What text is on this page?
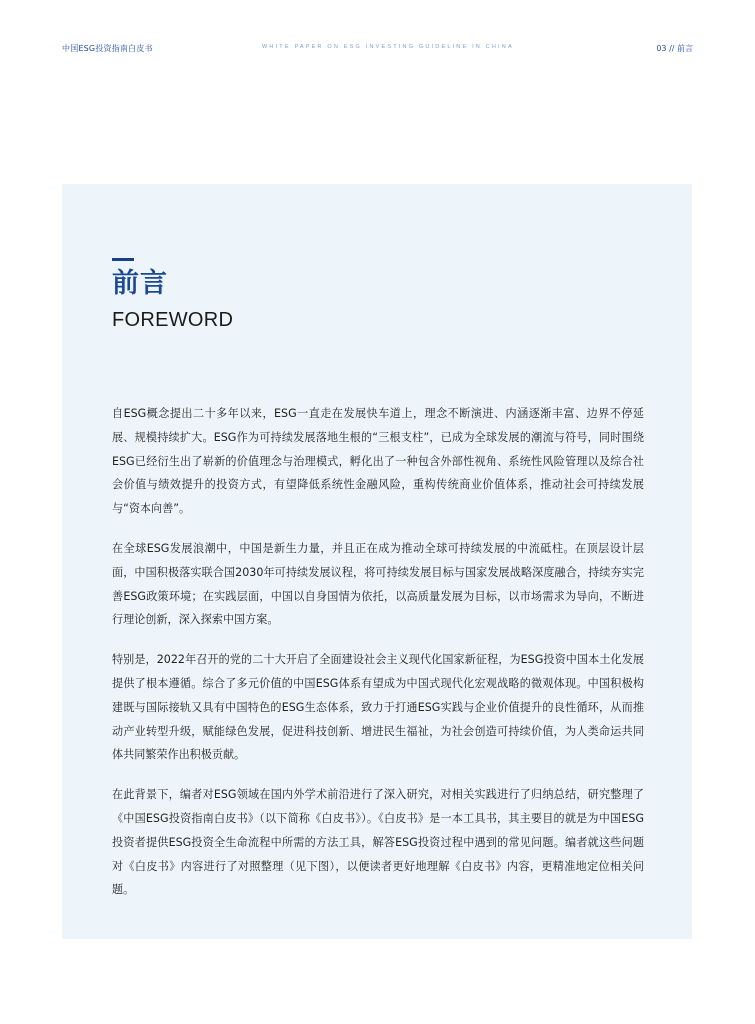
中国ESG投资指南白皮书	WHITE PAPER ON ESG INVESTING GUIDELINE IN CHINA	03 // 前言
前言
FOREWORD

自ESG概念提出二十多年以来，ESG一直走在发展快车道上，理念不断演进、内涵逐渐丰富、边界不停延展、规模持续扩大。ESG作为可持续发展落地生根的“三根支柱”，已成为全球发展的潮流与符号，同时围绕ESG已经衍生出了崭新的价值理念与治理模式，孵化出了一种包含外部性视角、系统性风险管理以及综合社会价值与绩效提升的投资方式，有望降低系统性金融风险，重构传统商业价值体系，推动社会可持续发展与“资本向善”。

在全球ESG发展浪潮中，中国是新生力量，并且正在成为推动全球可持续发展的中流砥柱。在顶层设计层面，中国积极落实联合国2030年可持续发展议程，将可持续发展目标与国家发展战略深度融合，持续夯实完善ESG政策环境；在实践层面，中国以自身国情为依托，以高质量发展为目标，以市场需求为导向，不断进行理论创新，深入探索中国方案。

特别是，2022年召开的党的二十大开启了全面建设社会主义现代化国家新征程，为ESG投资中国本土化发展提供了根本遵循。综合了多元价值的中国ESG体系有望成为中国式现代化宏观战略的微观体现。中国积极构建既与国际接轨又具有中国特色的ESG生态体系，致力于打通ESG实践与企业价值提升的良性循环，从而推动产业转型升级，赋能绿色发展，促进科技创新、增进民生福祉，为社会创造可持续价值，为人类命运共同体共同繁荣作出积极贡献。

在此背景下，编者对ESG领域在国内外学术前沿进行了深入研究，对相关实践进行了归纳总结，研究整理了《中国ESG投资指南白皮书》（以下简称《白皮书》）。《白皮书》是一本工具书，其主要目的就是为中国ESG投资者提供ESG投资全生命流程中所需的方法工具，解答ESG投资过程中遇到的常见问题。编者就这些问题对《白皮书》内容进行了对照整理（见下图），以便读者更好地理解《白皮书》内容，更精准地定位相关问题。
